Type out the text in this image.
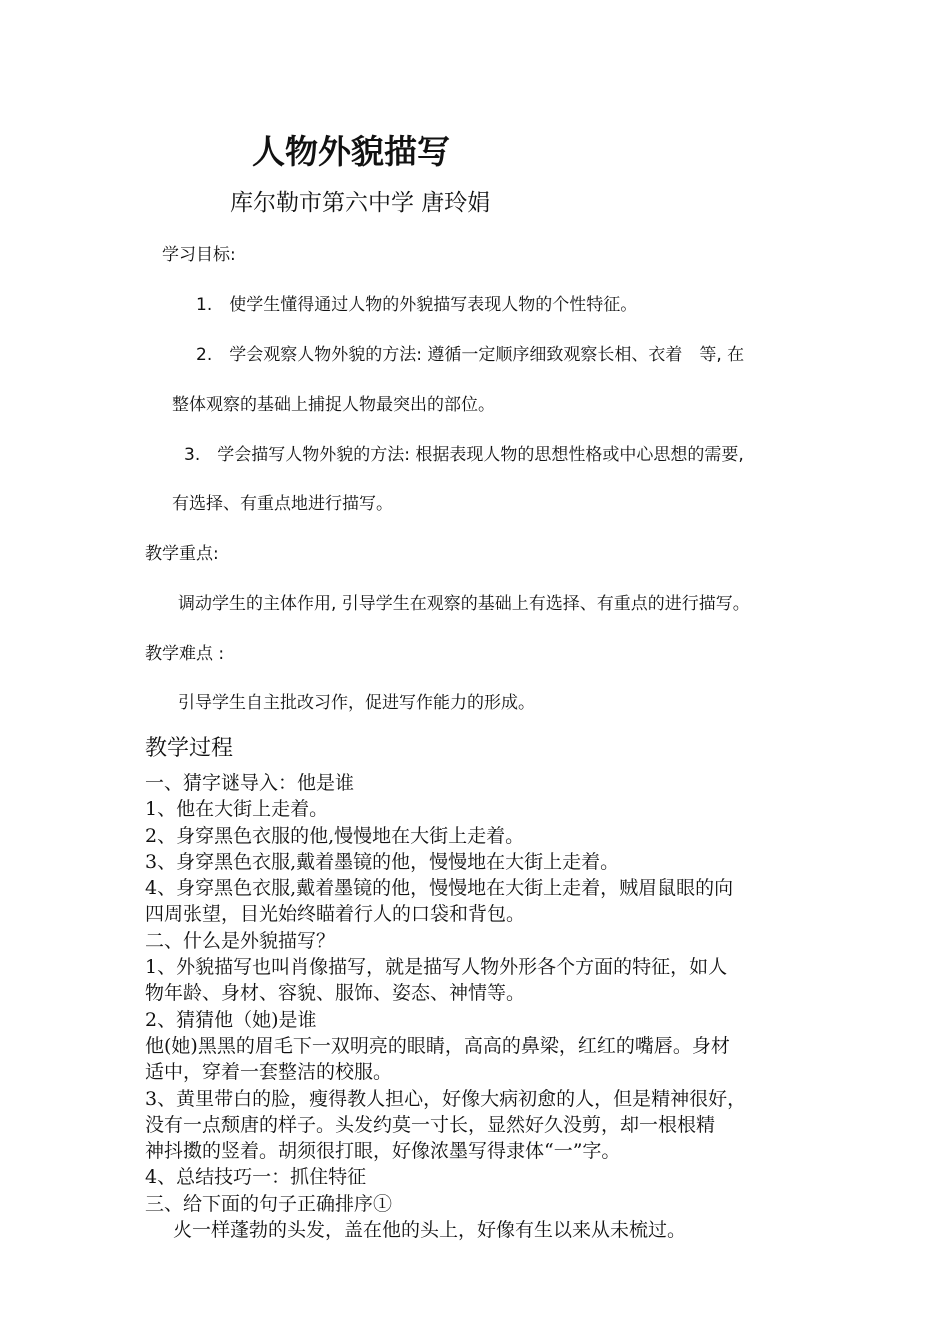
人物外貌描写
库尔勒市第六中学 唐玲娟
学习目标:
1.　使学生懂得通过人物的外貌描写表现人物的个性特征。
2.　学会观察人物外貌的方法: 遵循一定顺序细致观察长相、衣着　等, 在
整体观察的基础上捕捉人物最突出的部位。
3.　学会描写人物外貌的方法: 根据表现人物的思想性格或中心思想的需要,
有选择、有重点地进行描写。
教学重点:
调动学生的主体作用, 引导学生在观察的基础上有选择、有重点的进行描写。
教学难点 :
引导学生自主批改习作，促进写作能力的形成。
教学过程
一、猜字谜导入：他是谁
1、他在大街上走着。
2、身穿黑色衣服的他,慢慢地在大街上走着。
3、身穿黑色衣服,戴着墨镜的他，慢慢地在大街上走着。
4、身穿黑色衣服,戴着墨镜的他，慢慢地在大街上走着，贼眉鼠眼的向
四周张望，目光始终瞄着行人的口袋和背包。
二、什么是外貌描写？
1、外貌描写也叫肖像描写，就是描写人物外形各个方面的特征，如人
物年龄、身材、容貌、服饰、姿态、神情等。
2、猜猜他（她)是谁
他(她)黑黑的眉毛下一双明亮的眼睛，高高的鼻梁，红红的嘴唇。身材
适中，穿着一套整洁的校服。
3、黄里带白的脸，瘦得教人担心，好像大病初愈的人，但是精神很好，
没有一点颓唐的样子。头发约莫一寸长，显然好久没剪，却一根根精
神抖擞的竖着。胡须很打眼，好像浓墨写得隶体“一”字。
4、总结技巧一：抓住特征
三、给下面的句子正确排序①
火一样蓬勃的头发，盖在他的头上，好像有生以来从未梳过。
